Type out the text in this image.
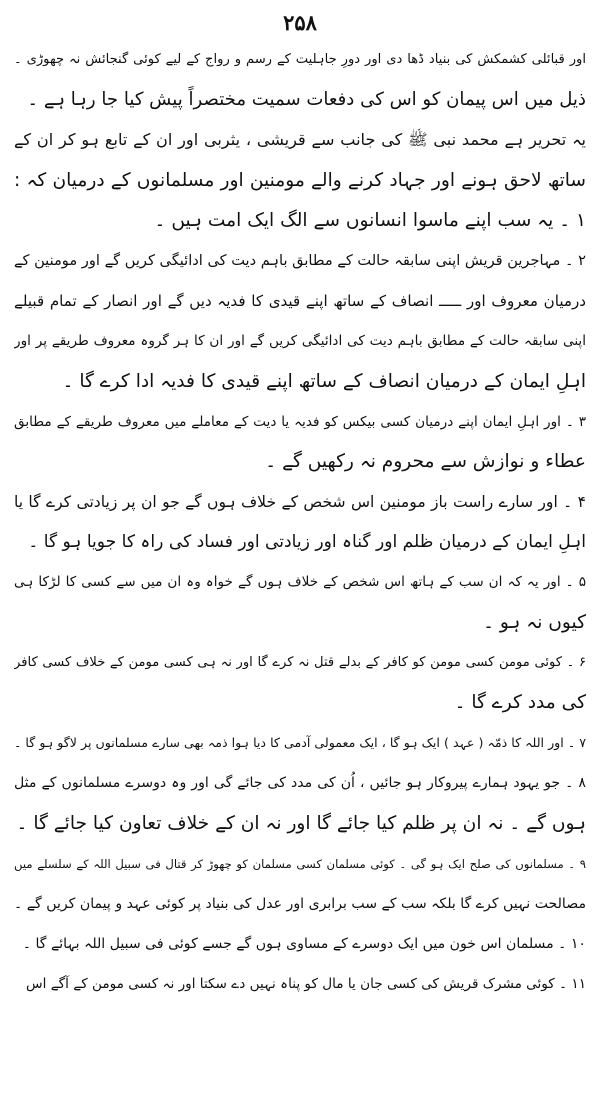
۲۵۸
اور قبائلی کشمکش کی بنیاد ڈھا دی اور دورِ جاہلیت کے رسم و رواج کے لیے کوئی گنجائش نہ چھوڑی ۔
ذیل میں اس پیمان کو اس کی دفعات سمیت مختصراً پیش کیا جا رہا ہے ۔
یہ تحریر ہے محمد نبی ﷺ کی جانب سے قریشی ، یثربی اور ان کے تابع ہو کر ان کے
ساتھ لاحق ہونے اور جہاد کرنے والے مومنین اور مسلمانوں کے درمیان کہ :
۱ ۔ یہ سب اپنے ماسوا انسانوں سے الگ ایک امت ہیں ۔
۲ ۔ مہاجرین قریش اپنی سابقہ حالت کے مطابق باہم دیت کی ادائیگی کریں گے اور مومنین کے
درمیان معروف اور ـــــ انصاف کے ساتھ اپنے قیدی کا فدیہ دیں گے اور انصار کے تمام قبیلے
اپنی سابقہ حالت کے مطابق باہم دیت کی ادائیگی کریں گے اور ان کا ہر گروہ معروف طریقے پر اور
اہلِ ایمان کے درمیان انصاف کے ساتھ اپنے قیدی کا فدیہ ادا کرے گا ۔
۳ ۔ اور اہلِ ایمان اپنے درمیان کسی بیکس کو فدیہ یا دیت کے معاملے میں معروف طریقے کے مطابق
عطاء و نوازش سے محروم نہ رکھیں گے ۔
۴ ۔ اور سارے راست باز مومنین اس شخص کے خلاف ہوں گے جو ان پر زیادتی کرے گا یا
اہلِ ایمان کے درمیان ظلم اور گناہ اور زیادتی اور فساد کی راہ کا جویا ہو گا ۔
۵ ۔ اور یہ کہ ان سب کے ہاتھ اس شخص کے خلاف ہوں گے خواہ وہ ان میں سے کسی کا لڑکا ہی
کیوں نہ ہو ۔
۶ ۔ کوئی مومن کسی مومن کو کافر کے بدلے قتل نہ کرے گا اور نہ ہی کسی مومن کے خلاف کسی کافر
کی مدد کرے گا ۔
۷ ۔ اور اللہ کا ذمّہ ( عہد ) ایک ہو گا ، ایک معمولی آدمی کا دیا ہوا ذمہ بھی سارے مسلمانوں پر لاگو ہو گا ۔
۸ ۔ جو یہود ہمارے پیروکار ہو جائیں ، اُن کی مدد کی جائے گی اور وہ دوسرے مسلمانوں کے مثل
ہوں گے ۔ نہ ان پر ظلم کیا جائے گا اور نہ ان کے خلاف تعاون کیا جائے گا ۔
۹ ۔ مسلمانوں کی صلح ایک ہو گی ۔ کوئی مسلمان کسی مسلمان کو چھوڑ کر قتال فی سبیل اللہ کے سلسلے میں
مصالحت نہیں کرے گا بلکہ سب کے سب برابری اور عدل کی بنیاد پر کوئی عہد و پیمان کریں گے ۔
۱۰ ۔ مسلمان اس خون میں ایک دوسرے کے مساوی ہوں گے جسے کوئی فی سبیل اللہ بہائے گا ۔
۱۱ ۔ کوئی مشرک قریش کی کسی جان یا مال کو پناہ نہیں دے سکتا اور نہ کسی مومن کے آگے اس
